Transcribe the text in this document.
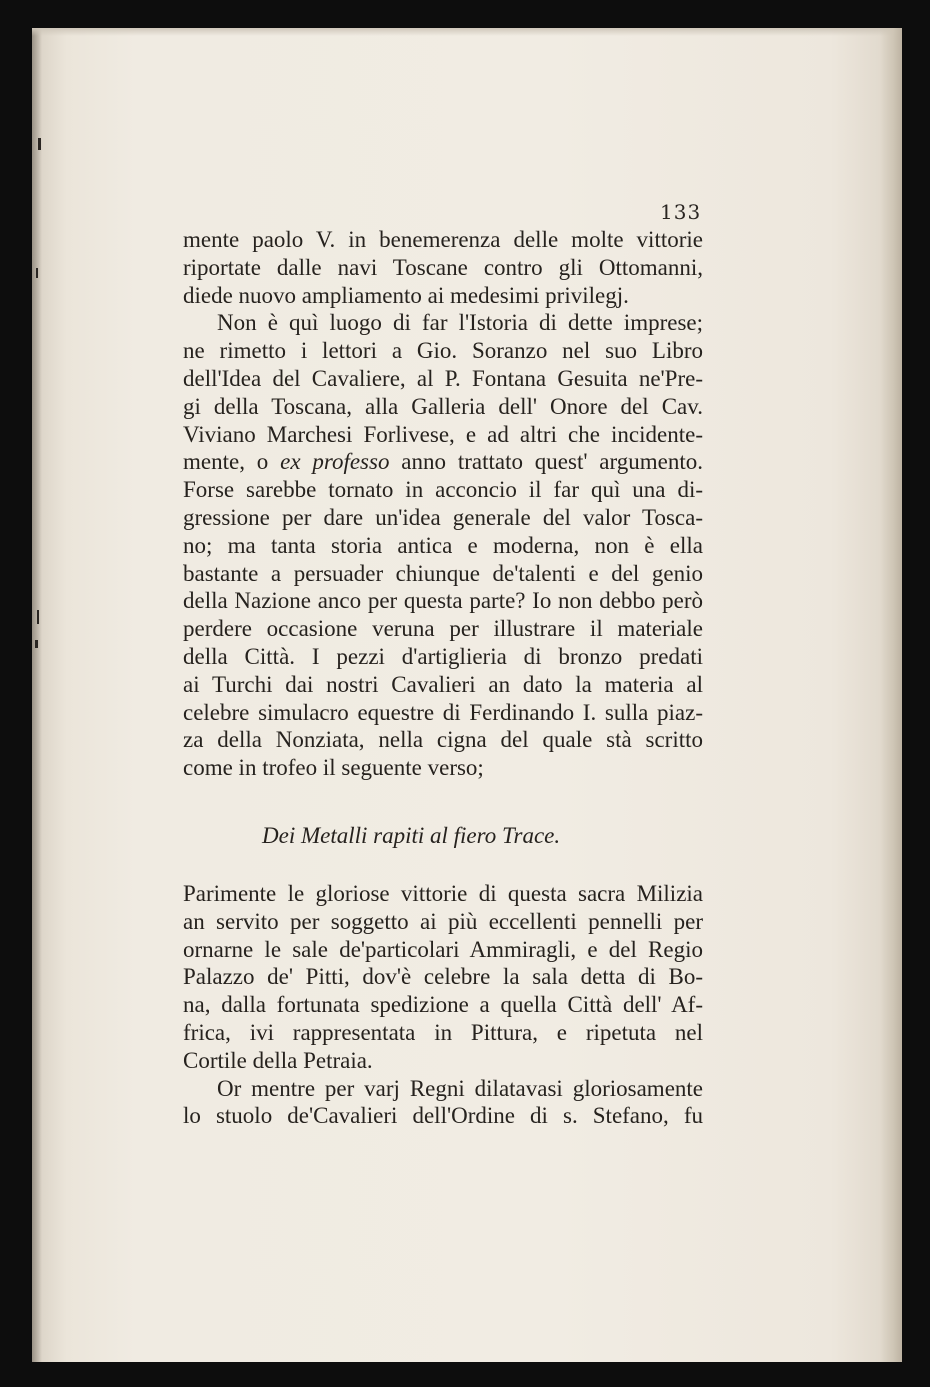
133
mente paolo V. in benemerenza delle molte vittorie
riportate dalle navi Toscane contro gli Ottomanni,
diede nuovo ampliamento ai medesimi privilegj.
Non è quì luogo di far l'Istoria di dette imprese;
ne rimetto i lettori a Gio. Soranzo nel suo Libro
dell'Idea del Cavaliere, al P. Fontana Gesuita ne'Pre-
gi della Toscana, alla Galleria dell' Onore del Cav.
Viviano Marchesi Forlivese, e ad altri che incidente-
mente, o ex professo anno trattato quest' argumento.
Forse sarebbe tornato in acconcio il far quì una di-
gressione per dare un'idea generale del valor Tosca-
no; ma tanta storia antica e moderna, non è ella
bastante a persuader chiunque de'talenti e del genio
della Nazione anco per questa parte? Io non debbo però
perdere occasione veruna per illustrare il materiale
della Città. I pezzi d'artiglieria di bronzo predati
ai Turchi dai nostri Cavalieri an dato la materia al
celebre simulacro equestre di Ferdinando I. sulla piaz-
za della Nonziata, nella cigna del quale stà scritto
come in trofeo il seguente verso;
Dei Metalli rapiti al fiero Trace.
Parimente le gloriose vittorie di questa sacra Milizia
an servito per soggetto ai più eccellenti pennelli per
ornarne le sale de'particolari Ammiragli, e del Regio
Palazzo de' Pitti, dov'è celebre la sala detta di Bo-
na, dalla fortunata spedizione a quella Città dell' Af-
frica, ivi rappresentata in Pittura, e ripetuta nel
Cortile della Petraia.
Or mentre per varj Regni dilatavasi gloriosamente
lo stuolo de'Cavalieri dell'Ordine di s. Stefano, fu
